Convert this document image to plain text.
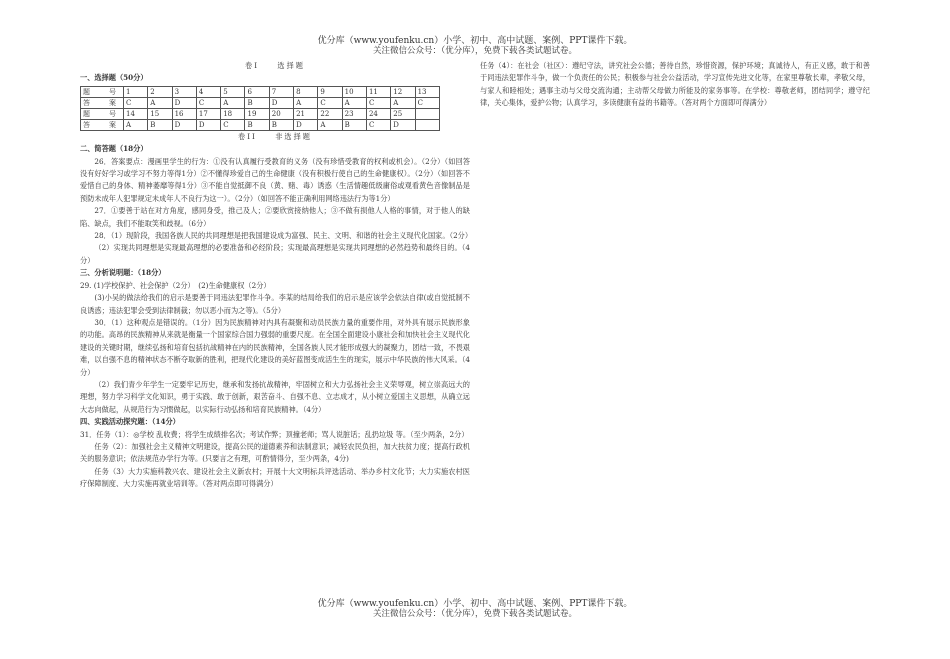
优分库（www.youfenku.cn）小学、初中、高中试题、案例、PPT课件下载。
关注微信公众号：（优分库），免费下载各类试题试卷。
卷Ⅰ　　选择题
一、选择题（50分）
题　号	1	2	3	4	5	6	7	8	9	10	11	12	13
答　案	C	A	D	C	A	B	D	A	C	A	C	A	C
题　号	14	15	16	17	18	19	20	21	22	23	24	25	
答　案	A	B	D	D	C	B	B	D	A	B	C	D	
卷II　　非选择题
二、简答题（18分）

26．答案要点：漫画里学生的行为：①没有认真履行受教育的义务（没有珍惜受教育的权利或机会）。（2分）（如回答没有好好学习或学习不努力等得1分）②不懂得珍爱自己的生命健康（没有积极行使自己的生命健康权）。（2分）（如回答不爱惜自己的身体、精神萎靡等得1分）③不能自觉抵御不良（黄、赌、毒）诱惑（生活情趣低级庸俗或观看黄色音像制品是预防未成年人犯罪规定未成年人不良行为这一）。（2分）（如回答不能正确利用网络违法行为等1分）

27．①要善于站在对方角度，感同身受，推己及人；②要欣赏接纳他人；③不做有损他人人格的事情，对于他人的缺陷、缺点，我们不能取笑和歧视。（6分）

28．（1）现阶段，我国各族人民的共同理想是把我国建设成为富强、民主、文明、和谐的社会主义现代化国家。（2分）

（2）实现共同理想是实现最高理想的必要准备和必经阶段；实现最高理想是实现共同理想的必然趋势和最终目的。（4分）

三、分析说明题：（18分）

29. (1)学校保护、社会保护（2分）　(2)生命健康权（2分）

(3)小吴的做法给我们的启示是要善于同违法犯罪作斗争。李某的结局给我们的启示是应该学会依法自律(或自觉抵制不良诱惑；违法犯罪会受到法律制裁；勿以恶小而为之等)。（5分）

30．（1）这种观点是错误的。（1分）因为民族精神对内具有凝聚和动员民族力量的重要作用，对外具有展示民族形象的功能。高昂的民族精神从来就是衡量一个国家综合国力强弱的重要尺度。在全国全面建设小康社会和加快社会主义现代化建设的关键时期，继续弘扬和培育包括抗战精神在内的民族精神，全国各族人民才能形成强大的凝聚力，团结一致，不畏艰难，以自强不息的精神状态不断夺取新的胜利，把现代化建设的美好蓝图变成活生生的现实，展示中华民族的伟大风采。（4分）

（2）我们青少年学生一定要牢记历史，继承和发扬抗战精神，牢固树立和大力弘扬社会主义荣辱观，树立崇高远大的理想，努力学习科学文化知识，勇于实践、敢于创新，艰苦奋斗、自强不息、立志成才，从小树立爱国主义思想，从确立远大志向做起，从规范行为习惯做起，以实际行动弘扬和培育民族精神。（4分）

四、实践活动探究题：（14分）

31．任务（1）：◎学校 乱收费；将学生成绩排名次；考试作弊；顶撞老师；骂人说脏话；乱扔垃圾 等。（至少两条，2分）

任务（2）：加强社会主义精神文明建设，提高公民的道德素养和法制意识；减轻农民负担，加大扶贫力度；提高行政机关的服务意识；依法规范办学行为等。(只要言之有理，可酌情得分，至少两条，4分)

任务（3）大力实施科教兴农、建设社会主义新农村；开展十大文明标兵评选活动、举办乡村文化节；大力实施农村医疗保障制度、大力实施再就业培训等。（答对两点即可得满分）

任务（4）：在社会（社区）：遵纪守法，讲究社会公德；善待自然，珍惜资源，保护环境；真诚待人，有正义感，敢于和善于同违法犯罪作斗争，做一个负责任的公民；积极参与社会公益活动，学习宣传先进文化等，在家里尊敬长辈，孝敬父母，与家人和睦相处；遇事主动与父母交流沟通；主动帮父母做力所能及的家务事等。在学校：尊敬老师，团结同学；遵守纪律，关心集体，爱护公物；认真学习，多读健康有益的书籍等。（答对两个方面即可得满分）

优分库（www.youfenku.cn）小学、初中、高中试题、案例、PPT课件下载。
关注微信公众号：（优分库），免费下载各类试题试卷。
